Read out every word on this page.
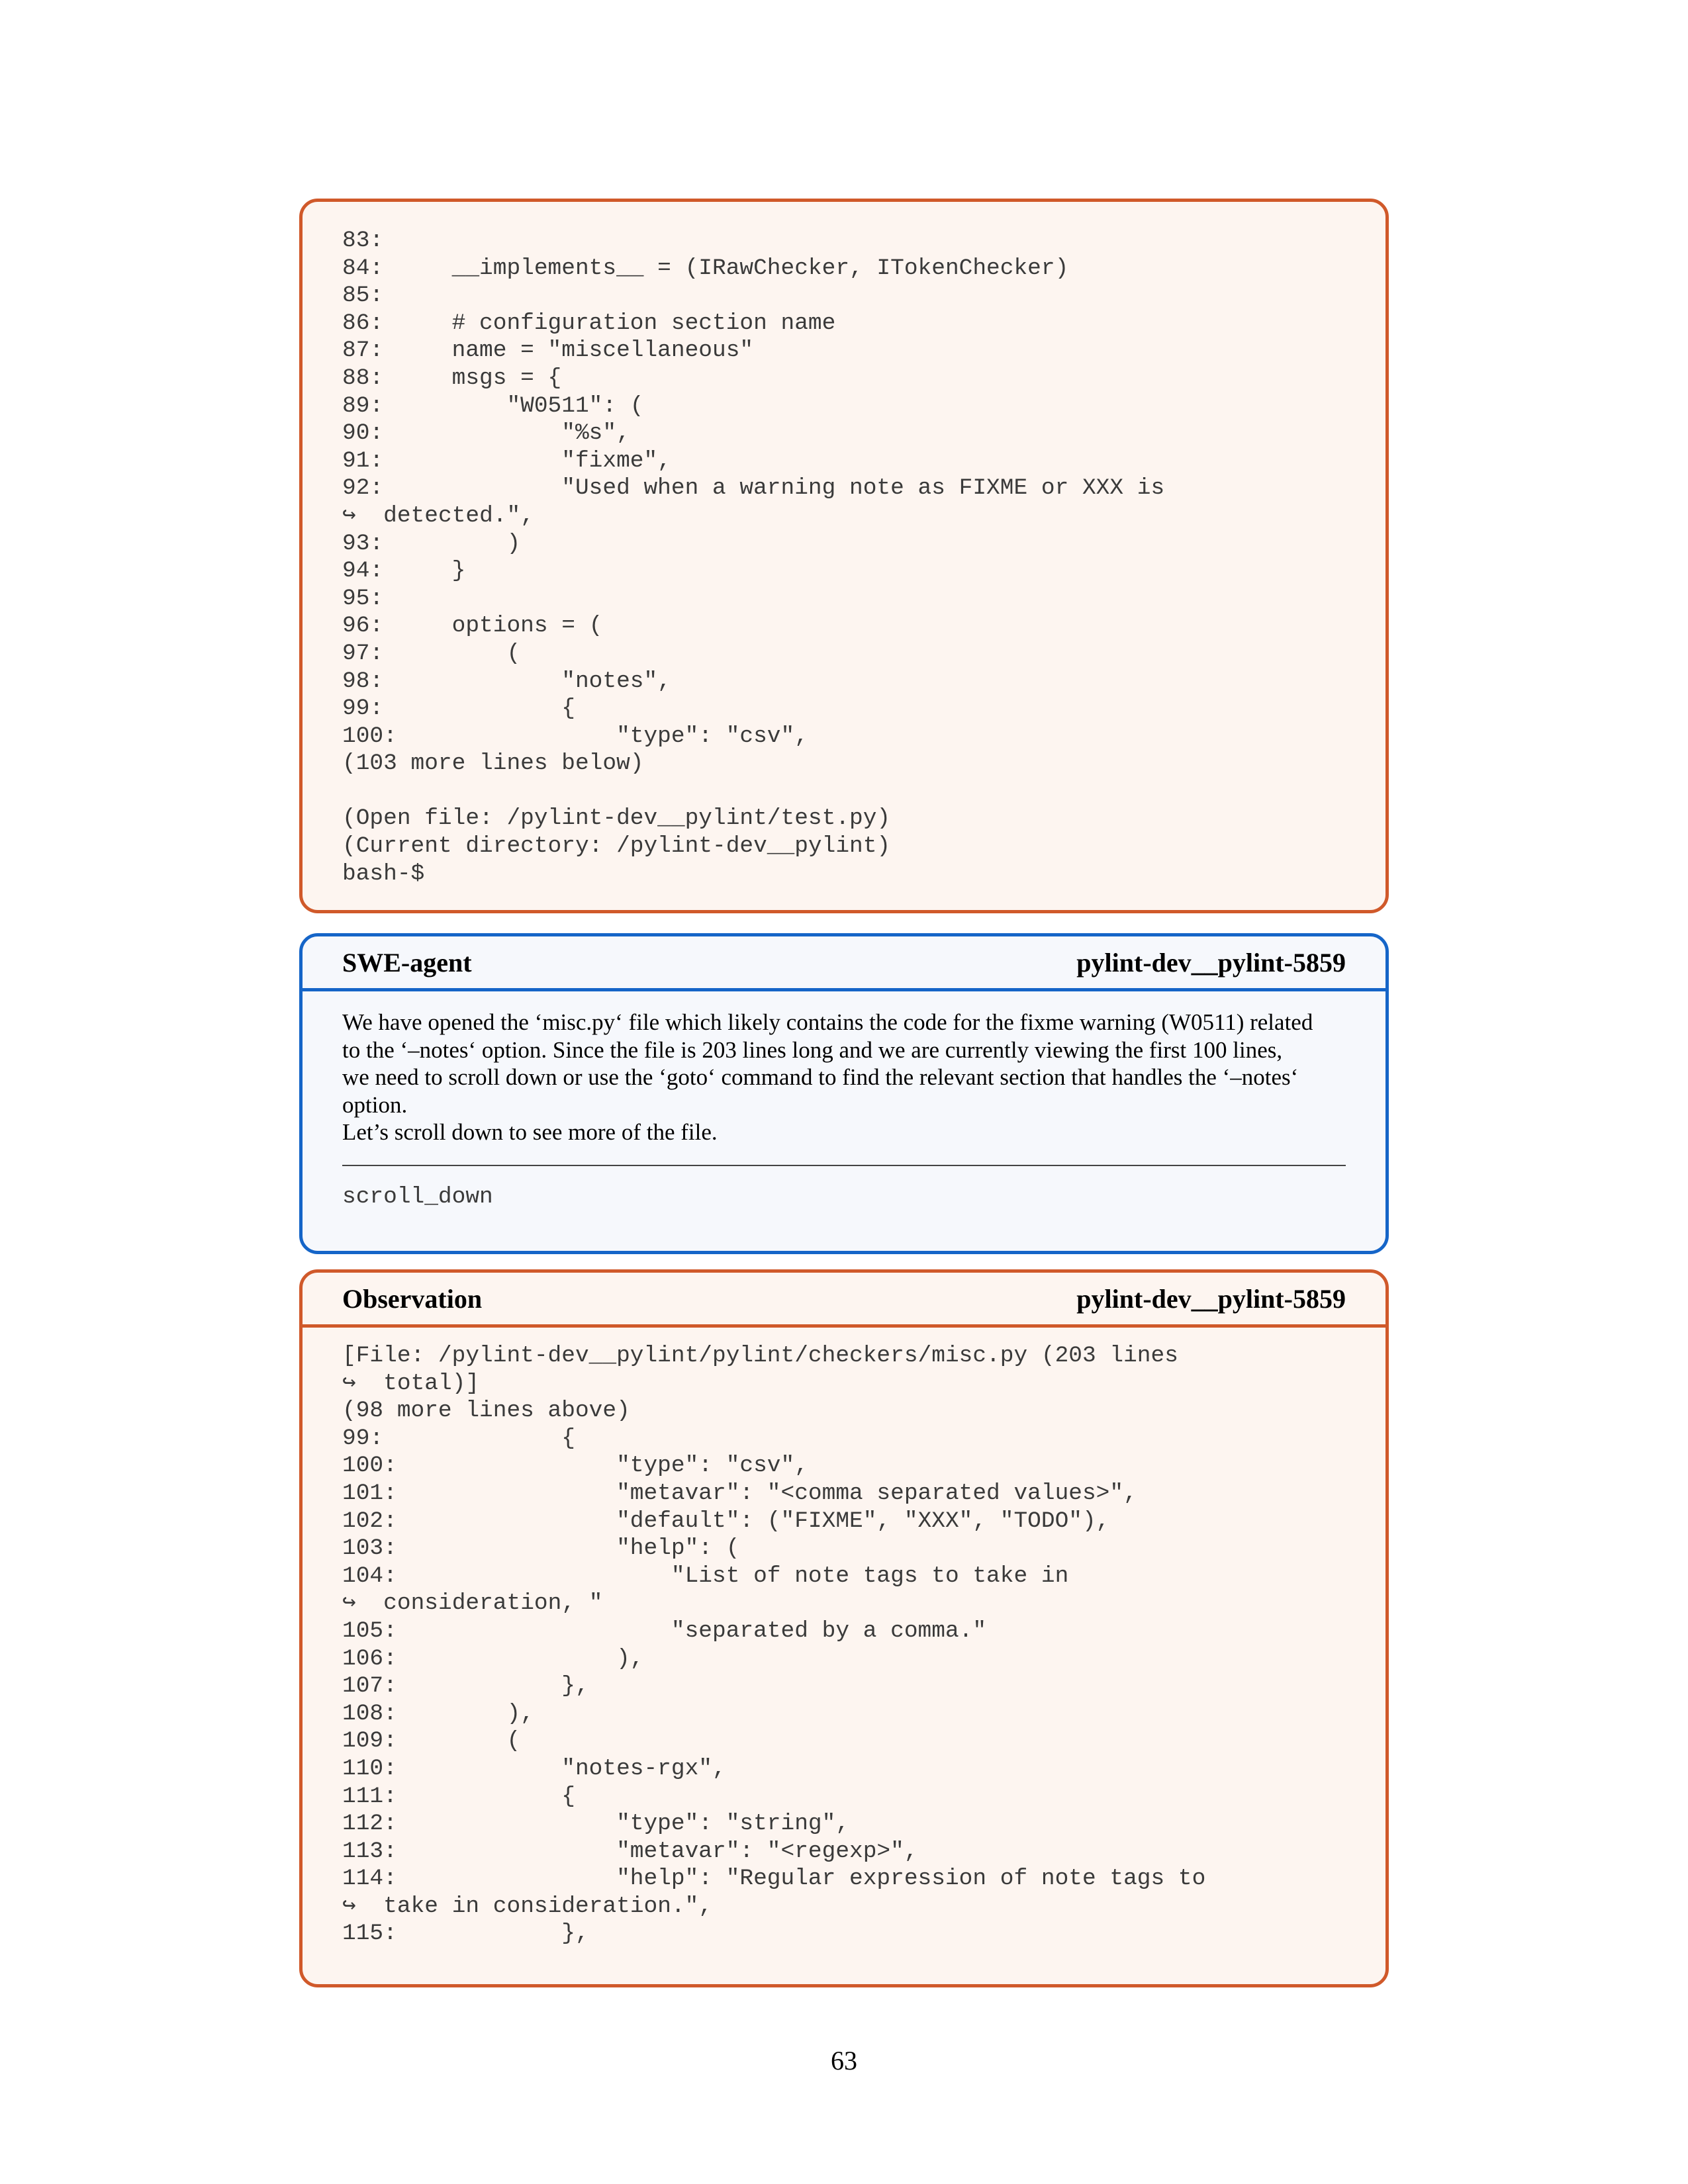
83:
84:     __implements__ = (IRawChecker, ITokenChecker)
85:
86:     # configuration section name
87:     name = "miscellaneous"
88:     msgs = {
89:         "W0511": (
90:             "%s",
91:             "fixme",
92:             "Used when a warning note as FIXME or XXX is
↪  detected.",
93:         )
94:     }
95:
96:     options = (
97:         (
98:             "notes",
99:             {
100:                "type": "csv",
(103 more lines below)

(Open file: /pylint-dev__pylint/test.py)
(Current directory: /pylint-dev__pylint)
bash-$
SWE-agent	pylint-dev__pylint-5859
We have opened the ‘misc.py‘ file which likely contains the code for the fixme warning (W0511) related
to the ‘–notes‘ option. Since the file is 203 lines long and we are currently viewing the first 100 lines,
we need to scroll down or use the ‘goto‘ command to find the relevant section that handles the ‘–notes‘
option.
Let’s scroll down to see more of the file.
scroll_down
Observation	pylint-dev__pylint-5859
[File: /pylint-dev__pylint/pylint/checkers/misc.py (203 lines
↪  total)]
(98 more lines above)
99:             {
100:                "type": "csv",
101:                "metavar": "<comma separated values>",
102:                "default": ("FIXME", "XXX", "TODO"),
103:                "help": (
104:                    "List of note tags to take in
↪  consideration, "
105:                    "separated by a comma."
106:                ),
107:            },
108:        ),
109:        (
110:            "notes-rgx",
111:            {
112:                "type": "string",
113:                "metavar": "<regexp>",
114:                "help": "Regular expression of note tags to
↪  take in consideration.",
115:            },
63
